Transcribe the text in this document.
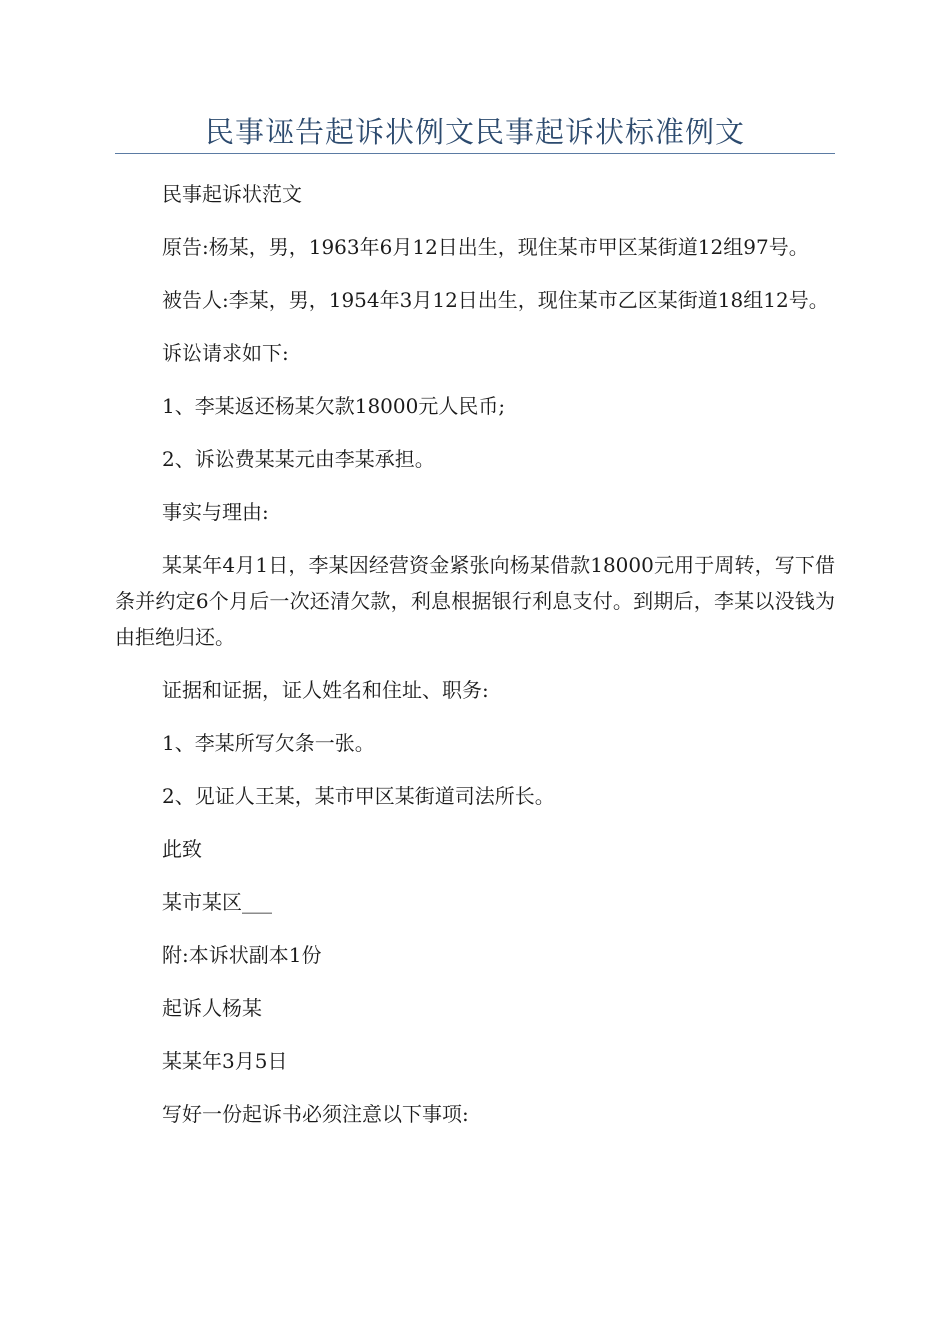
民事诬告起诉状例文民事起诉状标准例文

民事起诉状范文

原告:杨某，男，1963年6月12日出生，现住某市甲区某街道12组97号。

被告人:李某，男，1954年3月12日出生，现住某市乙区某街道18组12号。

诉讼请求如下:

1、李某返还杨某欠款18000元人民币;

2、诉讼费某某元由李某承担。

事实与理由:

某某年4月1日，李某因经营资金紧张向杨某借款18000元用于周转，写下借条并约定6个月后一次还清欠款，利息根据银行利息支付。到期后，李某以没钱为由拒绝归还。

证据和证据，证人姓名和住址、职务:

1、李某所写欠条一张。

2、见证人王某，某市甲区某街道司法所长。

此致

某市某区___

附:本诉状副本1份

起诉人杨某

某某年3月5日

写好一份起诉书必须注意以下事项:
